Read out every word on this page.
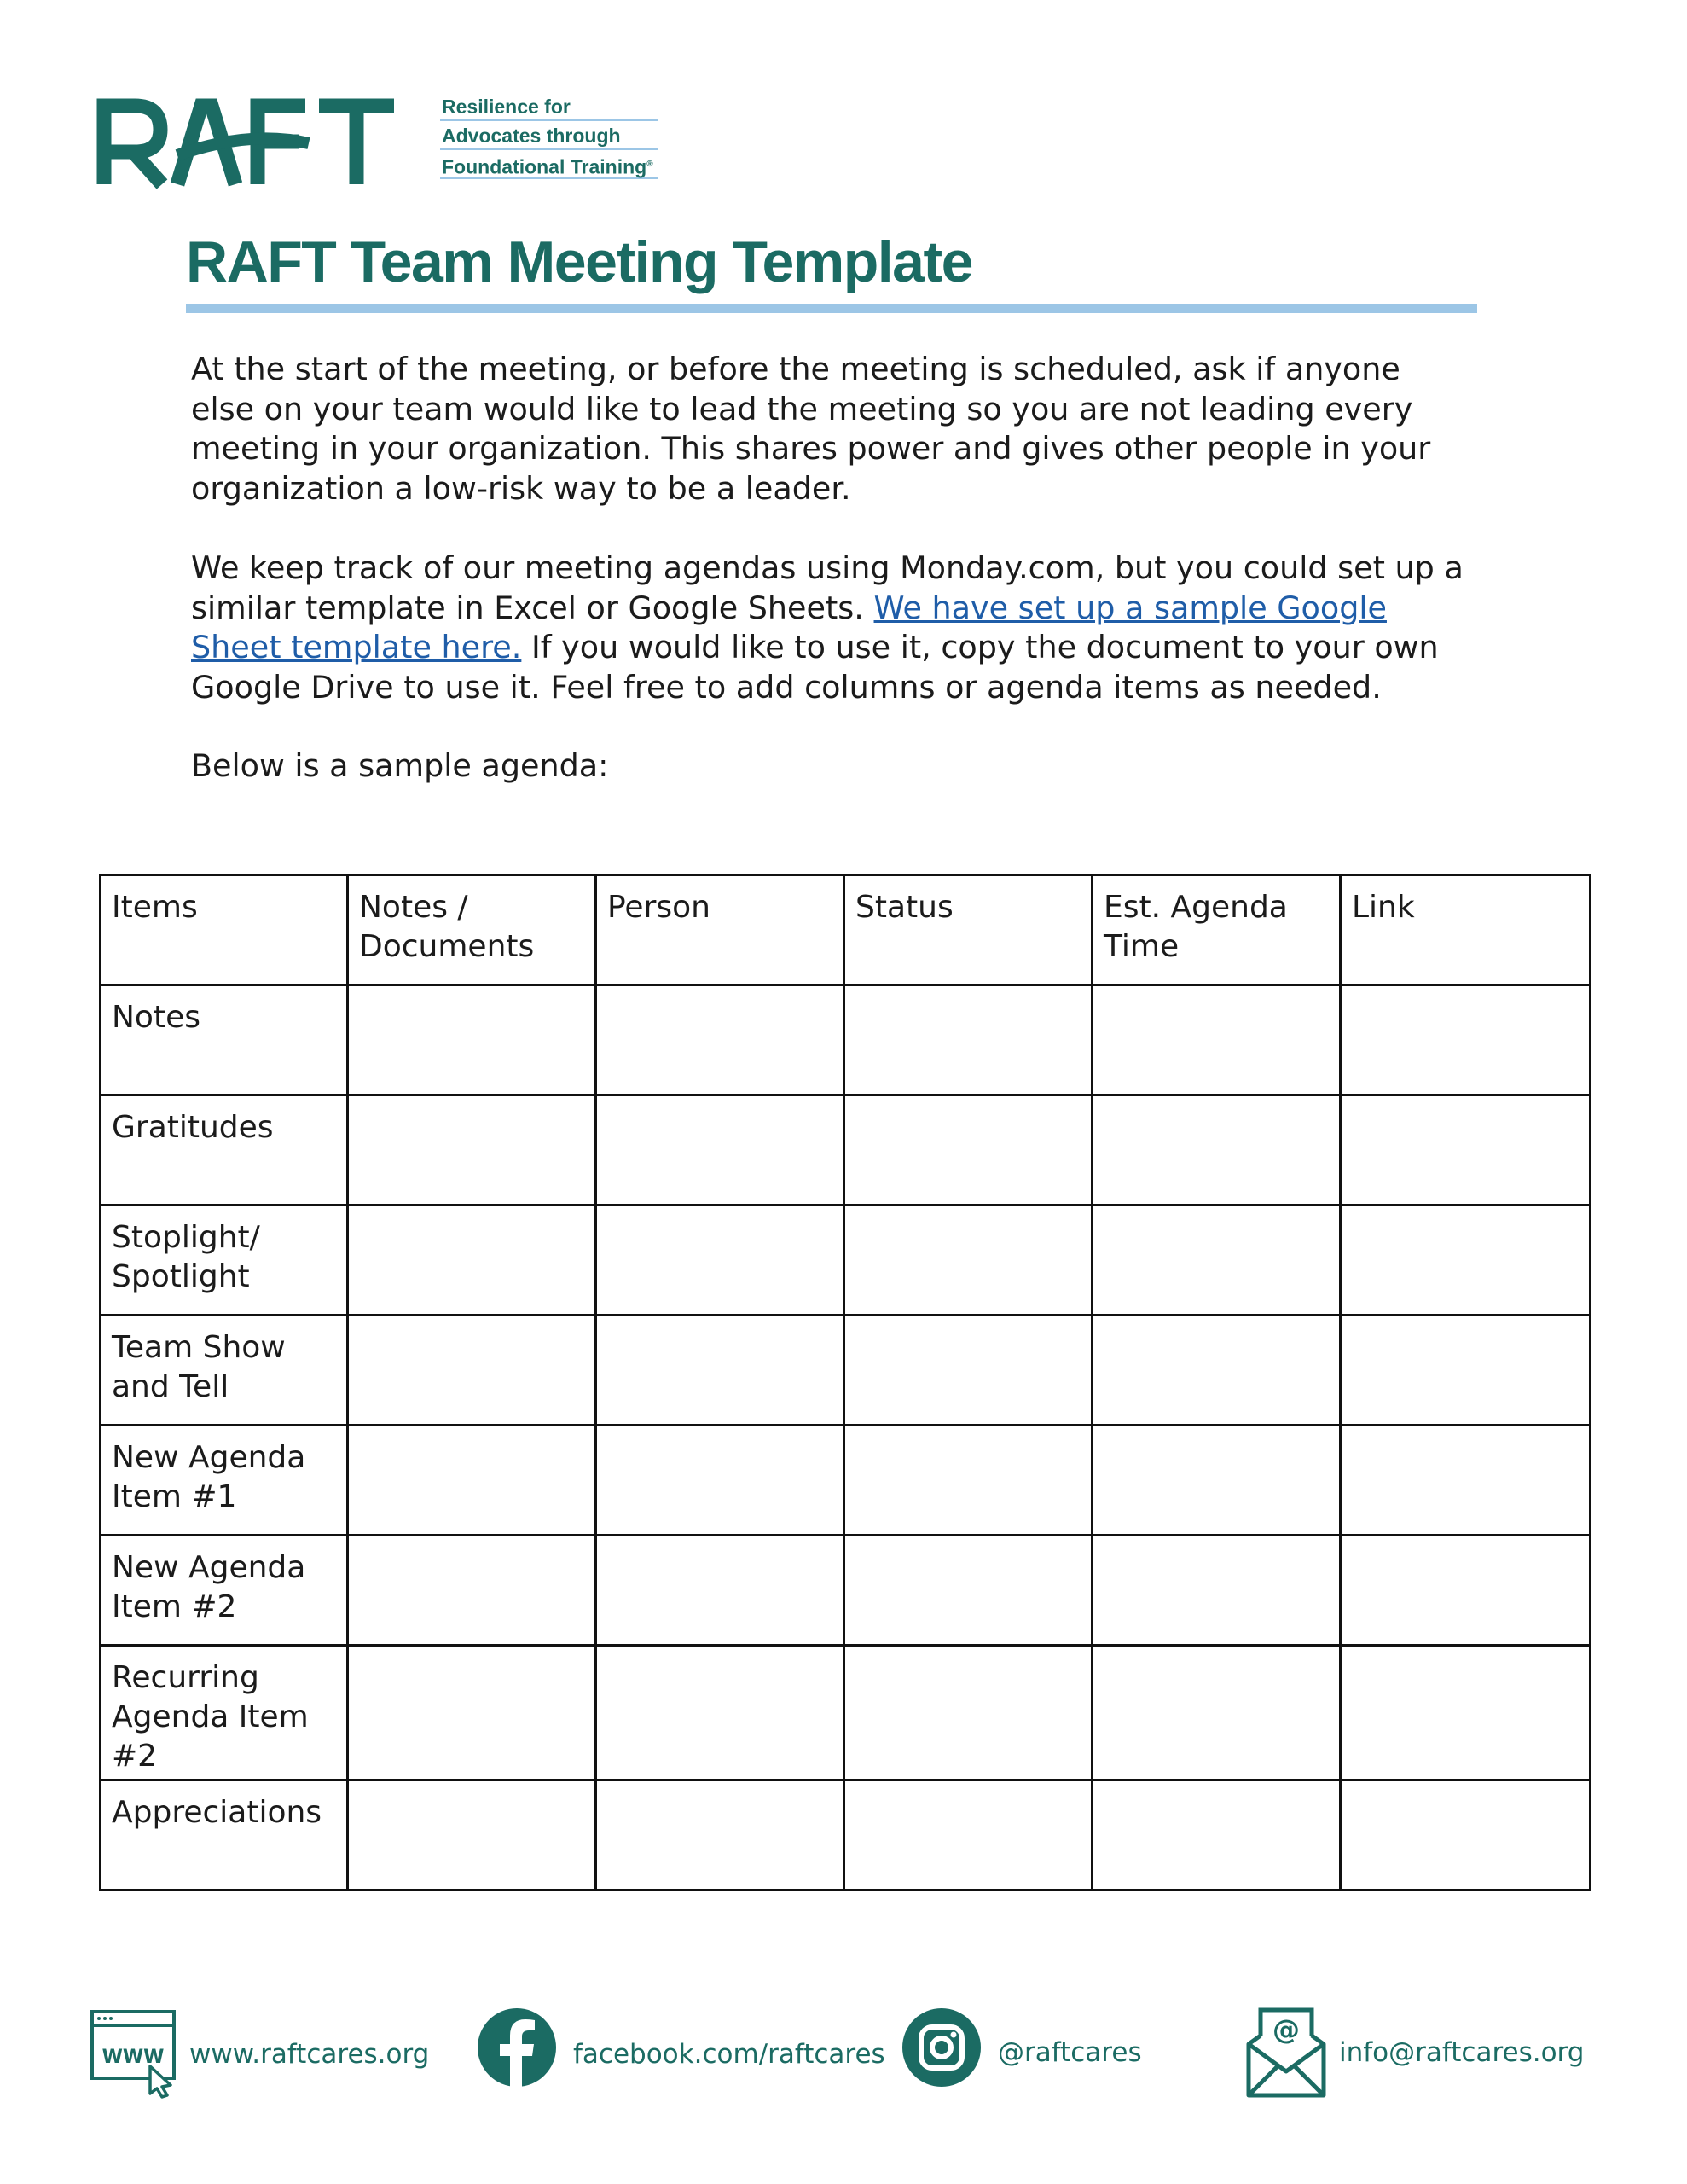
Resilience for
Advocates through
Foundational Training®
RAFT Team Meeting Template

At the start of the meeting, or before the meeting is scheduled, ask if anyone else on your team would like to lead the meeting so you are not leading every meeting in your organization. This shares power and gives other people in your organization a low-risk way to be a leader.

We keep track of our meeting agendas using Monday.com, but you could set up a similar template in Excel or Google Sheets. We have set up a sample Google Sheet template here. If you would like to use it, copy the document to your own Google Drive to use it. Feel free to add columns or agenda items as needed.

Below is a sample agenda:

Items	Notes / Documents	Person	Status	Est. Agenda Time	Link
Notes					
Gratitudes					
Stoplight/ Spotlight					
Team Show and Tell					
New Agenda Item #1					
New Agenda Item #2					
Recurring Agenda Item #2					
Appreciations					
WWW www.raftcares.org	facebook.com/raftcares	@raftcares
@
info@raftcares.org
